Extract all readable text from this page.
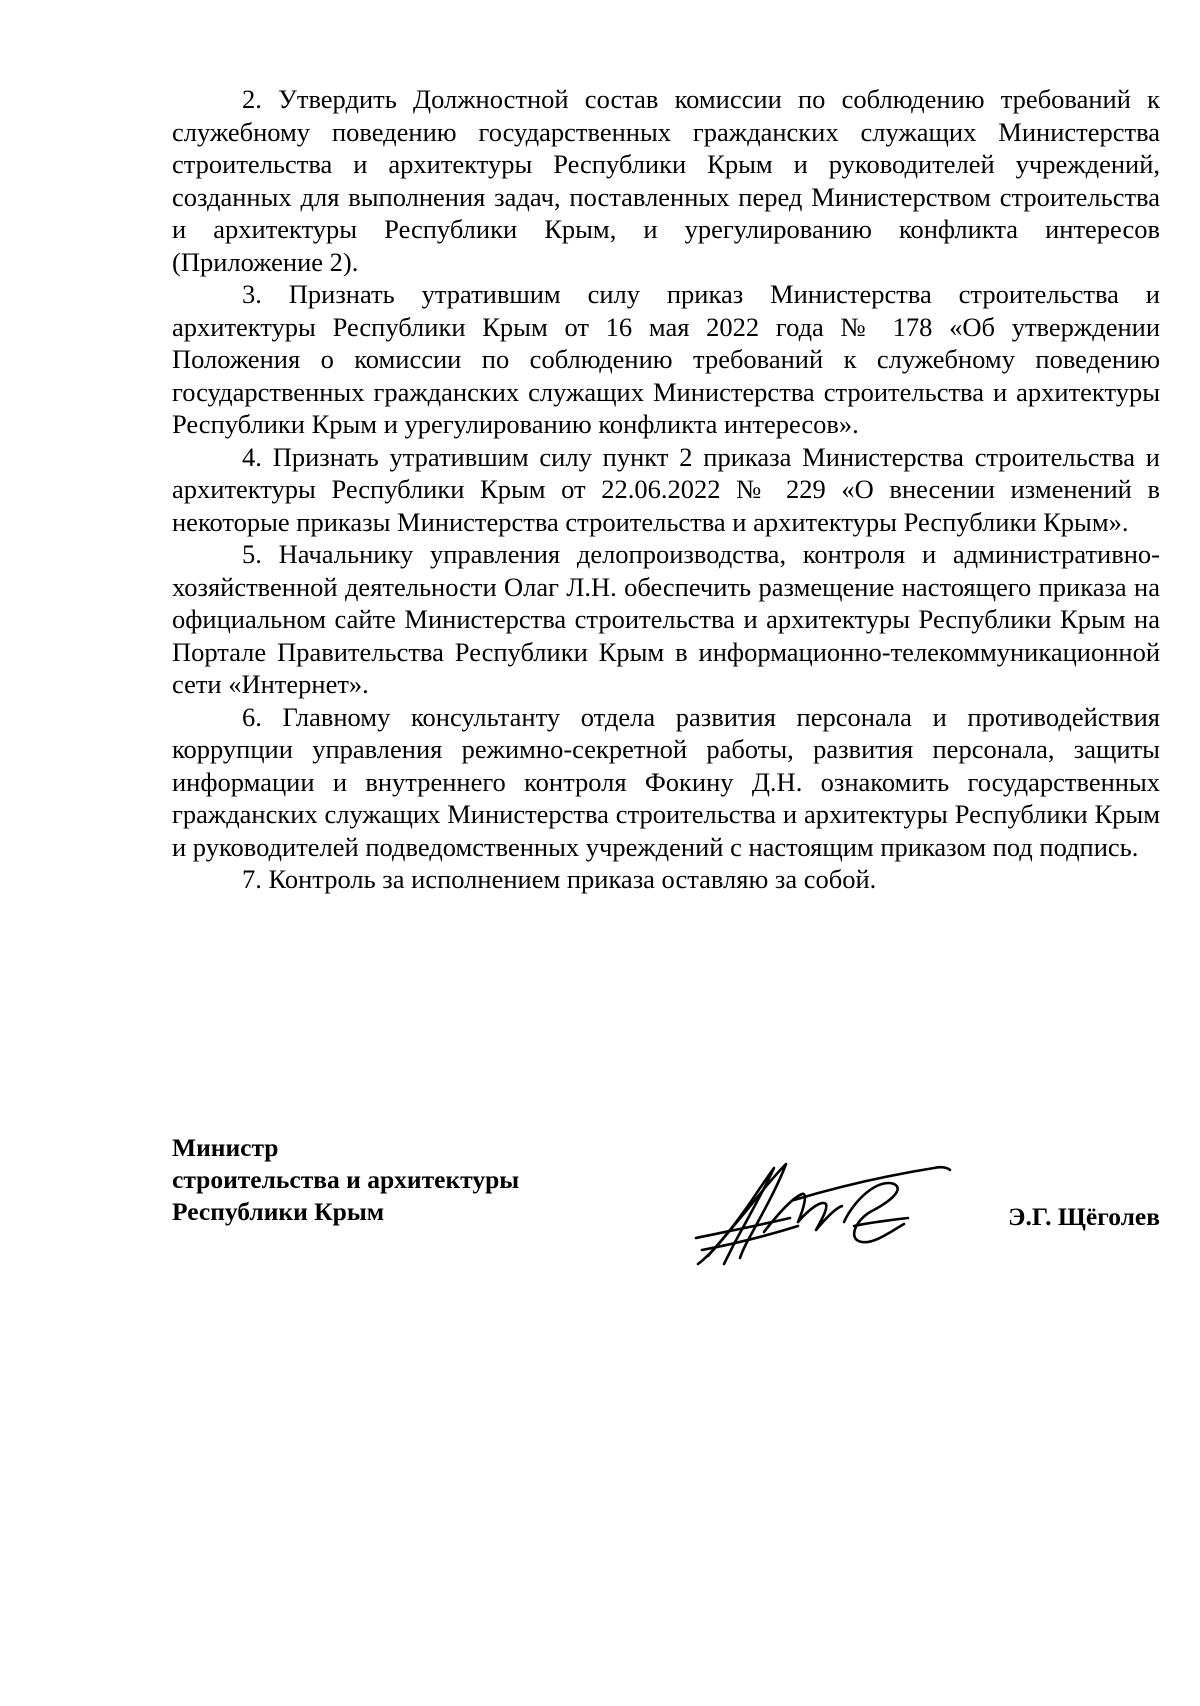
2. Утвердить Должностной состав комиссии по соблюдению требований к служебному поведению государственных гражданских служащих Министерства строительства и архитектуры Республики Крым и руководителей учреждений, созданных для выполнения задач, поставленных перед Министерством строительства и архитектуры Республики Крым, и урегулированию конфликта интересов (Приложение 2).

3. Признать утратившим силу приказ Министерства строительства и архитектуры Республики Крым от 16 мая 2022 года № 178 «Об утверждении Положения о комиссии по соблюдению требований к служебному поведению государственных гражданских служащих Министерства строительства и архитектуры Республики Крым и урегулированию конфликта интересов».

4. Признать утратившим силу пункт 2 приказа Министерства строительства и архитектуры Республики Крым от 22.06.2022 № 229 «О внесении изменений в некоторые приказы Министерства строительства и архитектуры Республики Крым».

5. Начальнику управления делопроизводства, контроля и административно-хозяйственной деятельности Олаг Л.Н. обеспечить размещение настоящего приказа на официальном сайте Министерства строительства и архитектуры Республики Крым на Портале Правительства Республики Крым в информационно-телекоммуникационной сети «Интернет».

6. Главному консультанту отдела развития персонала и противодействия коррупции управления режимно-секретной работы, развития персонала, защиты информации и внутреннего контроля Фокину Д.Н. ознакомить государственных гражданских служащих Министерства строительства и архитектуры Республики Крым и руководителей подведомственных учреждений с настоящим приказом под подпись.

7. Контроль за исполнением приказа оставляю за собой.

Министр
строительства и архитектуры
Республики Крым	Э.Г. Щёголев
